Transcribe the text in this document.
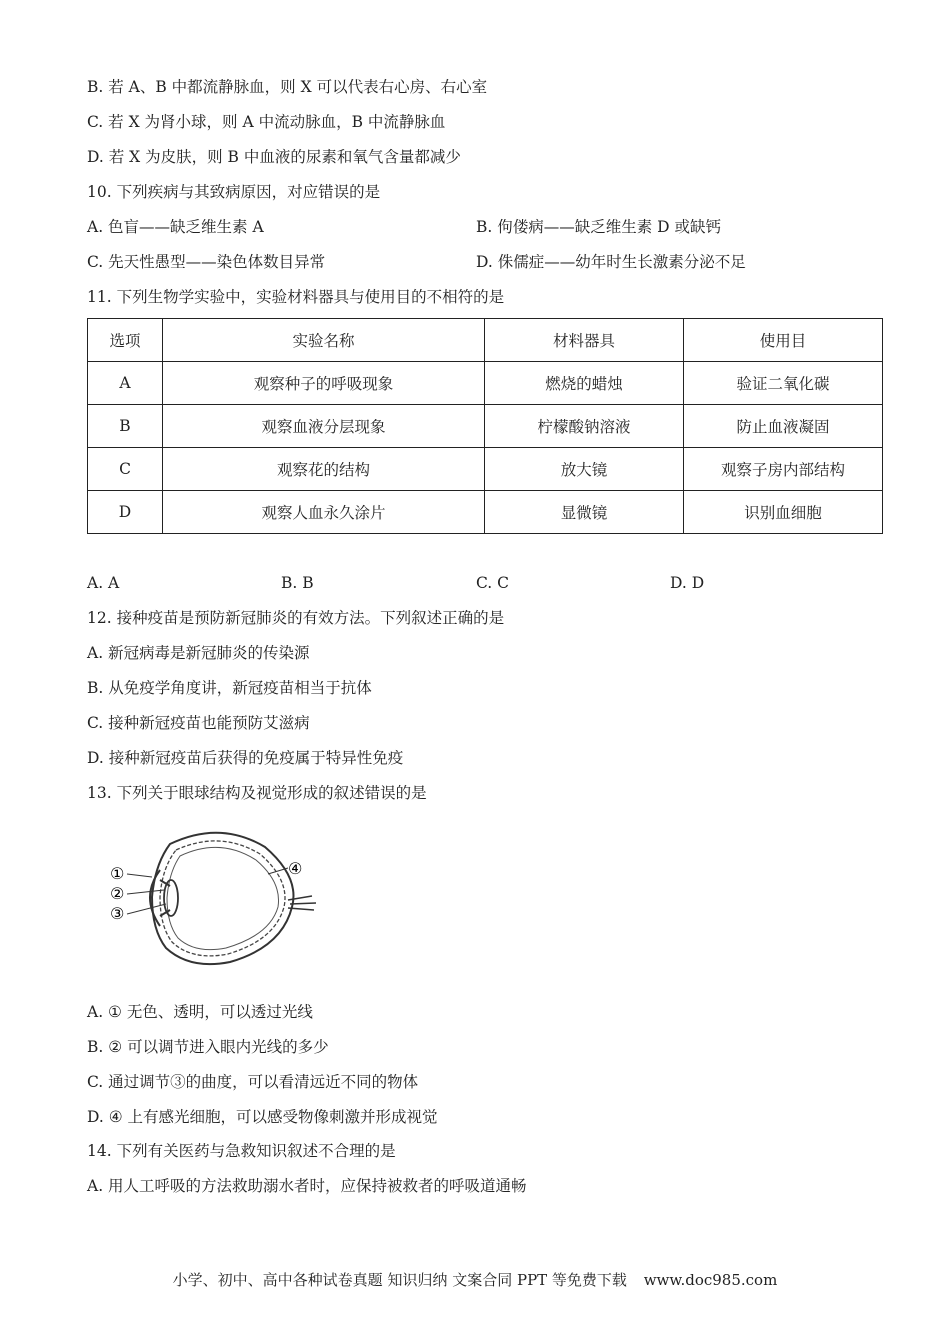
B. 若 A、B 中都流静脉血，则 X 可以代表右心房、右心室
C. 若 X 为肾小球，则 A 中流动脉血，B 中流静脉血
D. 若 X 为皮肤，则 B 中血液的尿素和氧气含量都减少
10. 下列疾病与其致病原因，对应错误的是
A. 色盲——缺乏维生素 A	B. 佝偻病——缺乏维生素 D 或缺钙
C. 先天性愚型——染色体数目异常	D. 侏儒症——幼年时生长激素分泌不足
11. 下列生物学实验中，实验材料器具与使用目的不相符的是
选项	实验名称	材料器具	使用目
A	观察种子的呼吸现象	燃烧的蜡烛	验证二氧化碳
B	观察血液分层现象	柠檬酸钠溶液	防止血液凝固
C	观察花的结构	放大镜	观察子房内部结构
D	观察人血永久涂片	显微镜	识别血细胞
A. A	B. B	C. C	D. D
12. 接种疫苗是预防新冠肺炎的有效方法。下列叙述正确的是
A. 新冠病毒是新冠肺炎的传染源
B. 从免疫学角度讲，新冠疫苗相当于抗体
C. 接种新冠疫苗也能预防艾滋病
D. 接种新冠疫苗后获得的免疫属于特异性免疫
13. 下列关于眼球结构及视觉形成的叙述错误的是
①
②
③
④
A. ① 无色、透明，可以透过光线
B. ② 可以调节进入眼内光线的多少
C. 通过调节③的曲度，可以看清远近不同的物体
D. ④ 上有感光细胞，可以感受物像刺激并形成视觉
14. 下列有关医药与急救知识叙述不合理的是
A. 用人工呼吸的方法救助溺水者时，应保持被救者的呼吸道通畅
小学、初中、高中各种试卷真题 知识归纳 文案合同 PPT 等免费下载 www.doc985.com
